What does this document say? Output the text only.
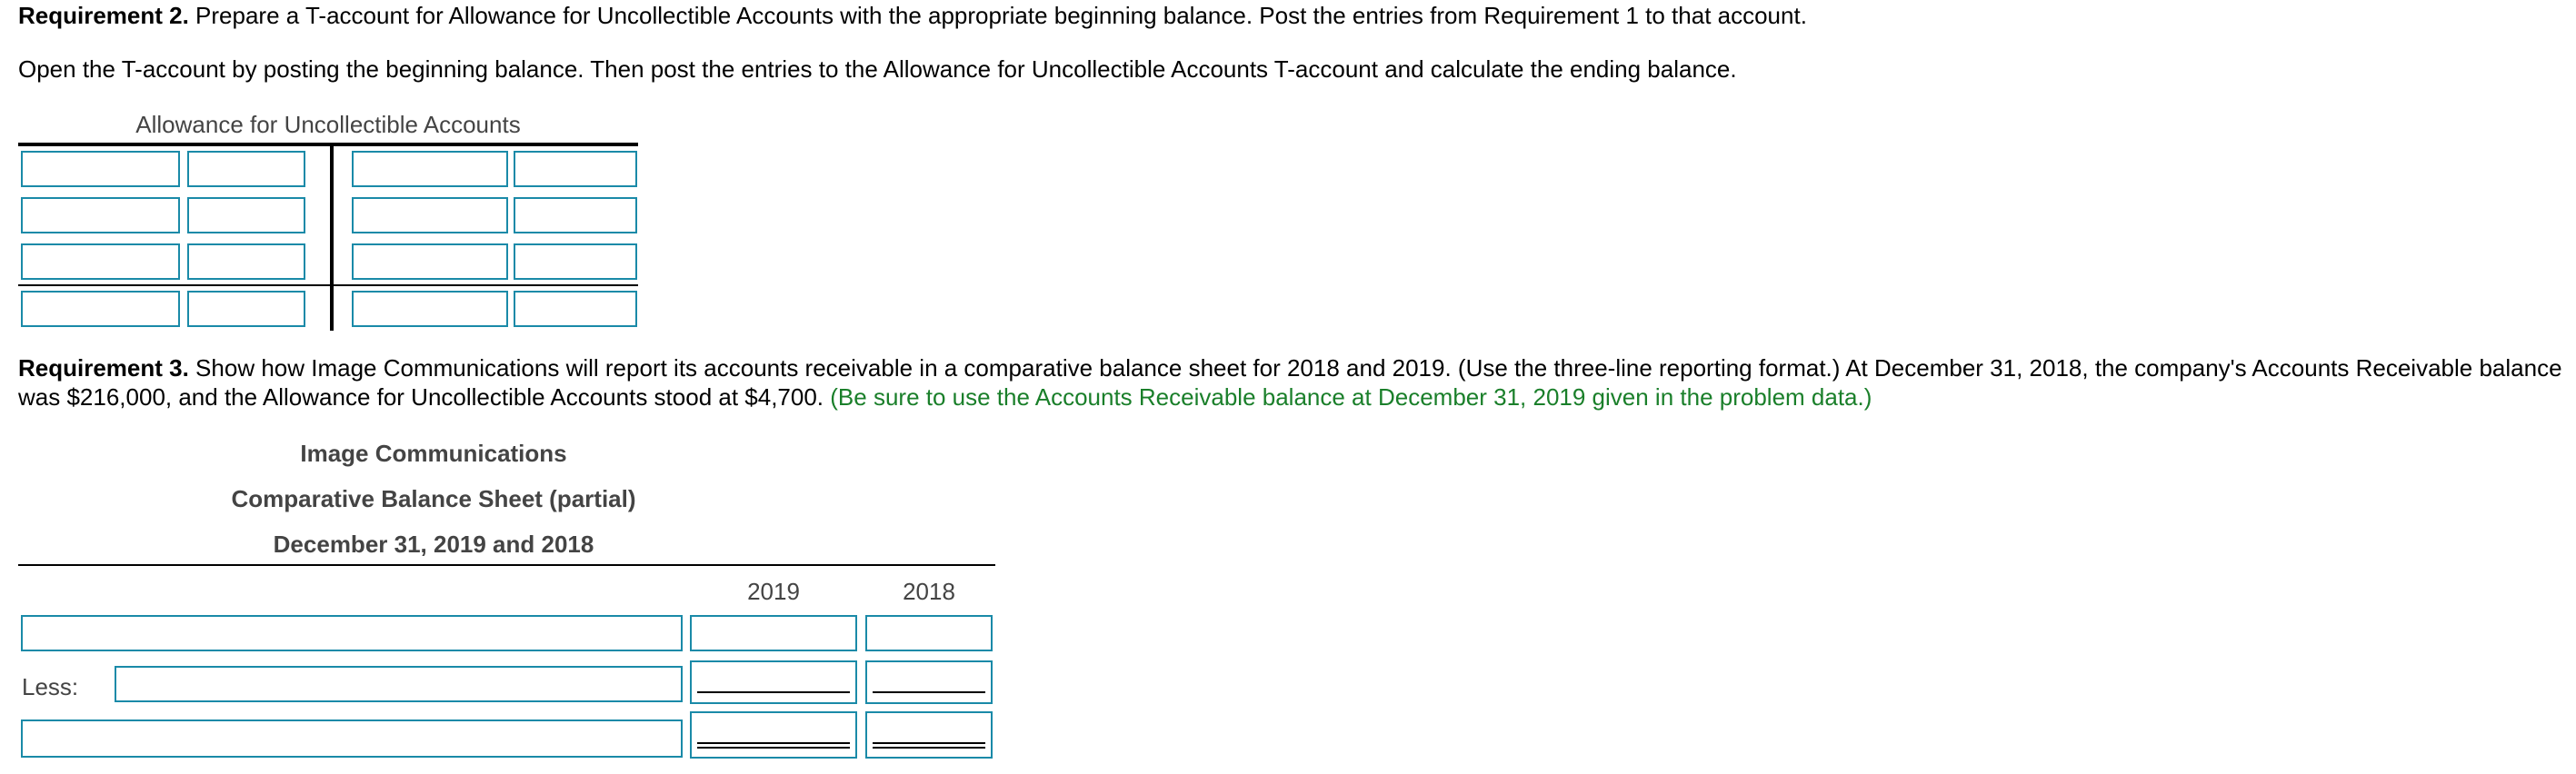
Requirement 2. Prepare a T-account for Allowance for Uncollectible Accounts with the appropriate beginning balance. Post the entries from Requirement 1 to that account.
Open the T-account by posting the beginning balance. Then post the entries to the Allowance for Uncollectible Accounts T-account and calculate the ending balance.
Allowance for Uncollectible Accounts
Requirement 3. Show how Image Communications will report its accounts receivable in a comparative balance sheet for 2018 and 2019. (Use the three-line reporting format.) At December 31, 2018, the company's Accounts Receivable balance
was $216,000, and the Allowance for Uncollectible Accounts stood at $4,700. (Be sure to use the Accounts Receivable balance at December 31, 2019 given in the problem data.)
Image Communications
Comparative Balance Sheet (partial)
December 31, 2019 and 2018
2019	2018
Less:
